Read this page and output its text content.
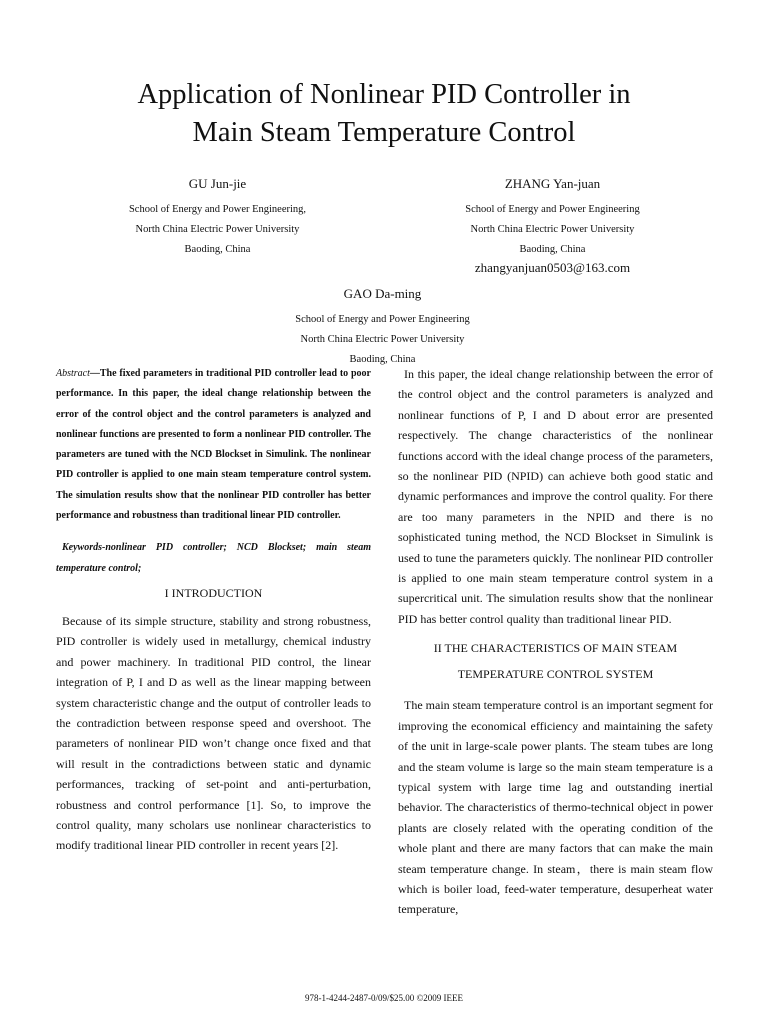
Application of Nonlinear PID Controller in
Main Steam Temperature Control
GU Jun-jie
School of Energy and Power Engineering,
North China Electric Power University
Baoding, China
ZHANG Yan-juan
School of Energy and Power Engineering
North China Electric Power University
Baoding, China
zhangyanjuan0503@163.com
GAO Da-ming
School of Energy and Power Engineering
North China Electric Power University
Baoding, China
Abstract—The fixed parameters in traditional PID controller lead to poor performance. In this paper, the ideal change relationship between the error of the control object and the control parameters is analyzed and nonlinear functions are presented to form a nonlinear PID controller. The parameters are tuned with the NCD Blockset in Simulink. The nonlinear PID controller is applied to one main steam temperature control system. The simulation results show that the nonlinear PID controller has better performance and robustness than traditional linear PID controller.
Keywords-nonlinear PID controller; NCD Blockset; main steam temperature control;
I INTRODUCTION

Because of its simple structure, stability and strong robustness, PID controller is widely used in metallurgy, chemical industry and power machinery. In traditional PID control, the linear integration of P, I and D as well as the linear mapping between system characteristic change and the output of controller leads to the contradiction between response speed and overshoot. The parameters of nonlinear PID won’t change once fixed and that will result in the contradictions between static and dynamic performances, tracking of set-point and anti-perturbation, robustness and control performance [1]. So, to improve the control quality, many scholars use nonlinear characteristics to modify traditional linear PID controller in recent years [2].

In this paper, the ideal change relationship between the error of the control object and the control parameters is analyzed and nonlinear functions of P, I and D about error are presented respectively. The change characteristics of the nonlinear functions accord with the ideal change process of the parameters, so the nonlinear PID (NPID) can achieve both good static and dynamic performances and improve the control quality. For there are too many parameters in the NPID and there is no sophisticated tuning method, the NCD Blockset in Simulink is used to tune the parameters quickly. The nonlinear PID controller is applied to one main steam temperature control system in a supercritical unit. The simulation results show that the nonlinear PID has better control quality than traditional linear PID.

II THE CHARACTERISTICS OF MAIN STEAM
TEMPERATURE CONTROL SYSTEM

The main steam temperature control is an important segment for improving the economical efficiency and maintaining the safety of the unit in large-scale power plants. The steam tubes are long and the steam volume is large so the main steam temperature is a typical system with large time lag and outstanding inertial behavior. The characteristics of thermo-technical object in power plants are closely related with the operating condition of the whole plant and there are many factors that can make the main steam temperature change. In steam，there is main steam flow which is boiler load, feed-water temperature, desuperheat water temperature,

978-1-4244-2487-0/09/$25.00 ©2009 IEEE
